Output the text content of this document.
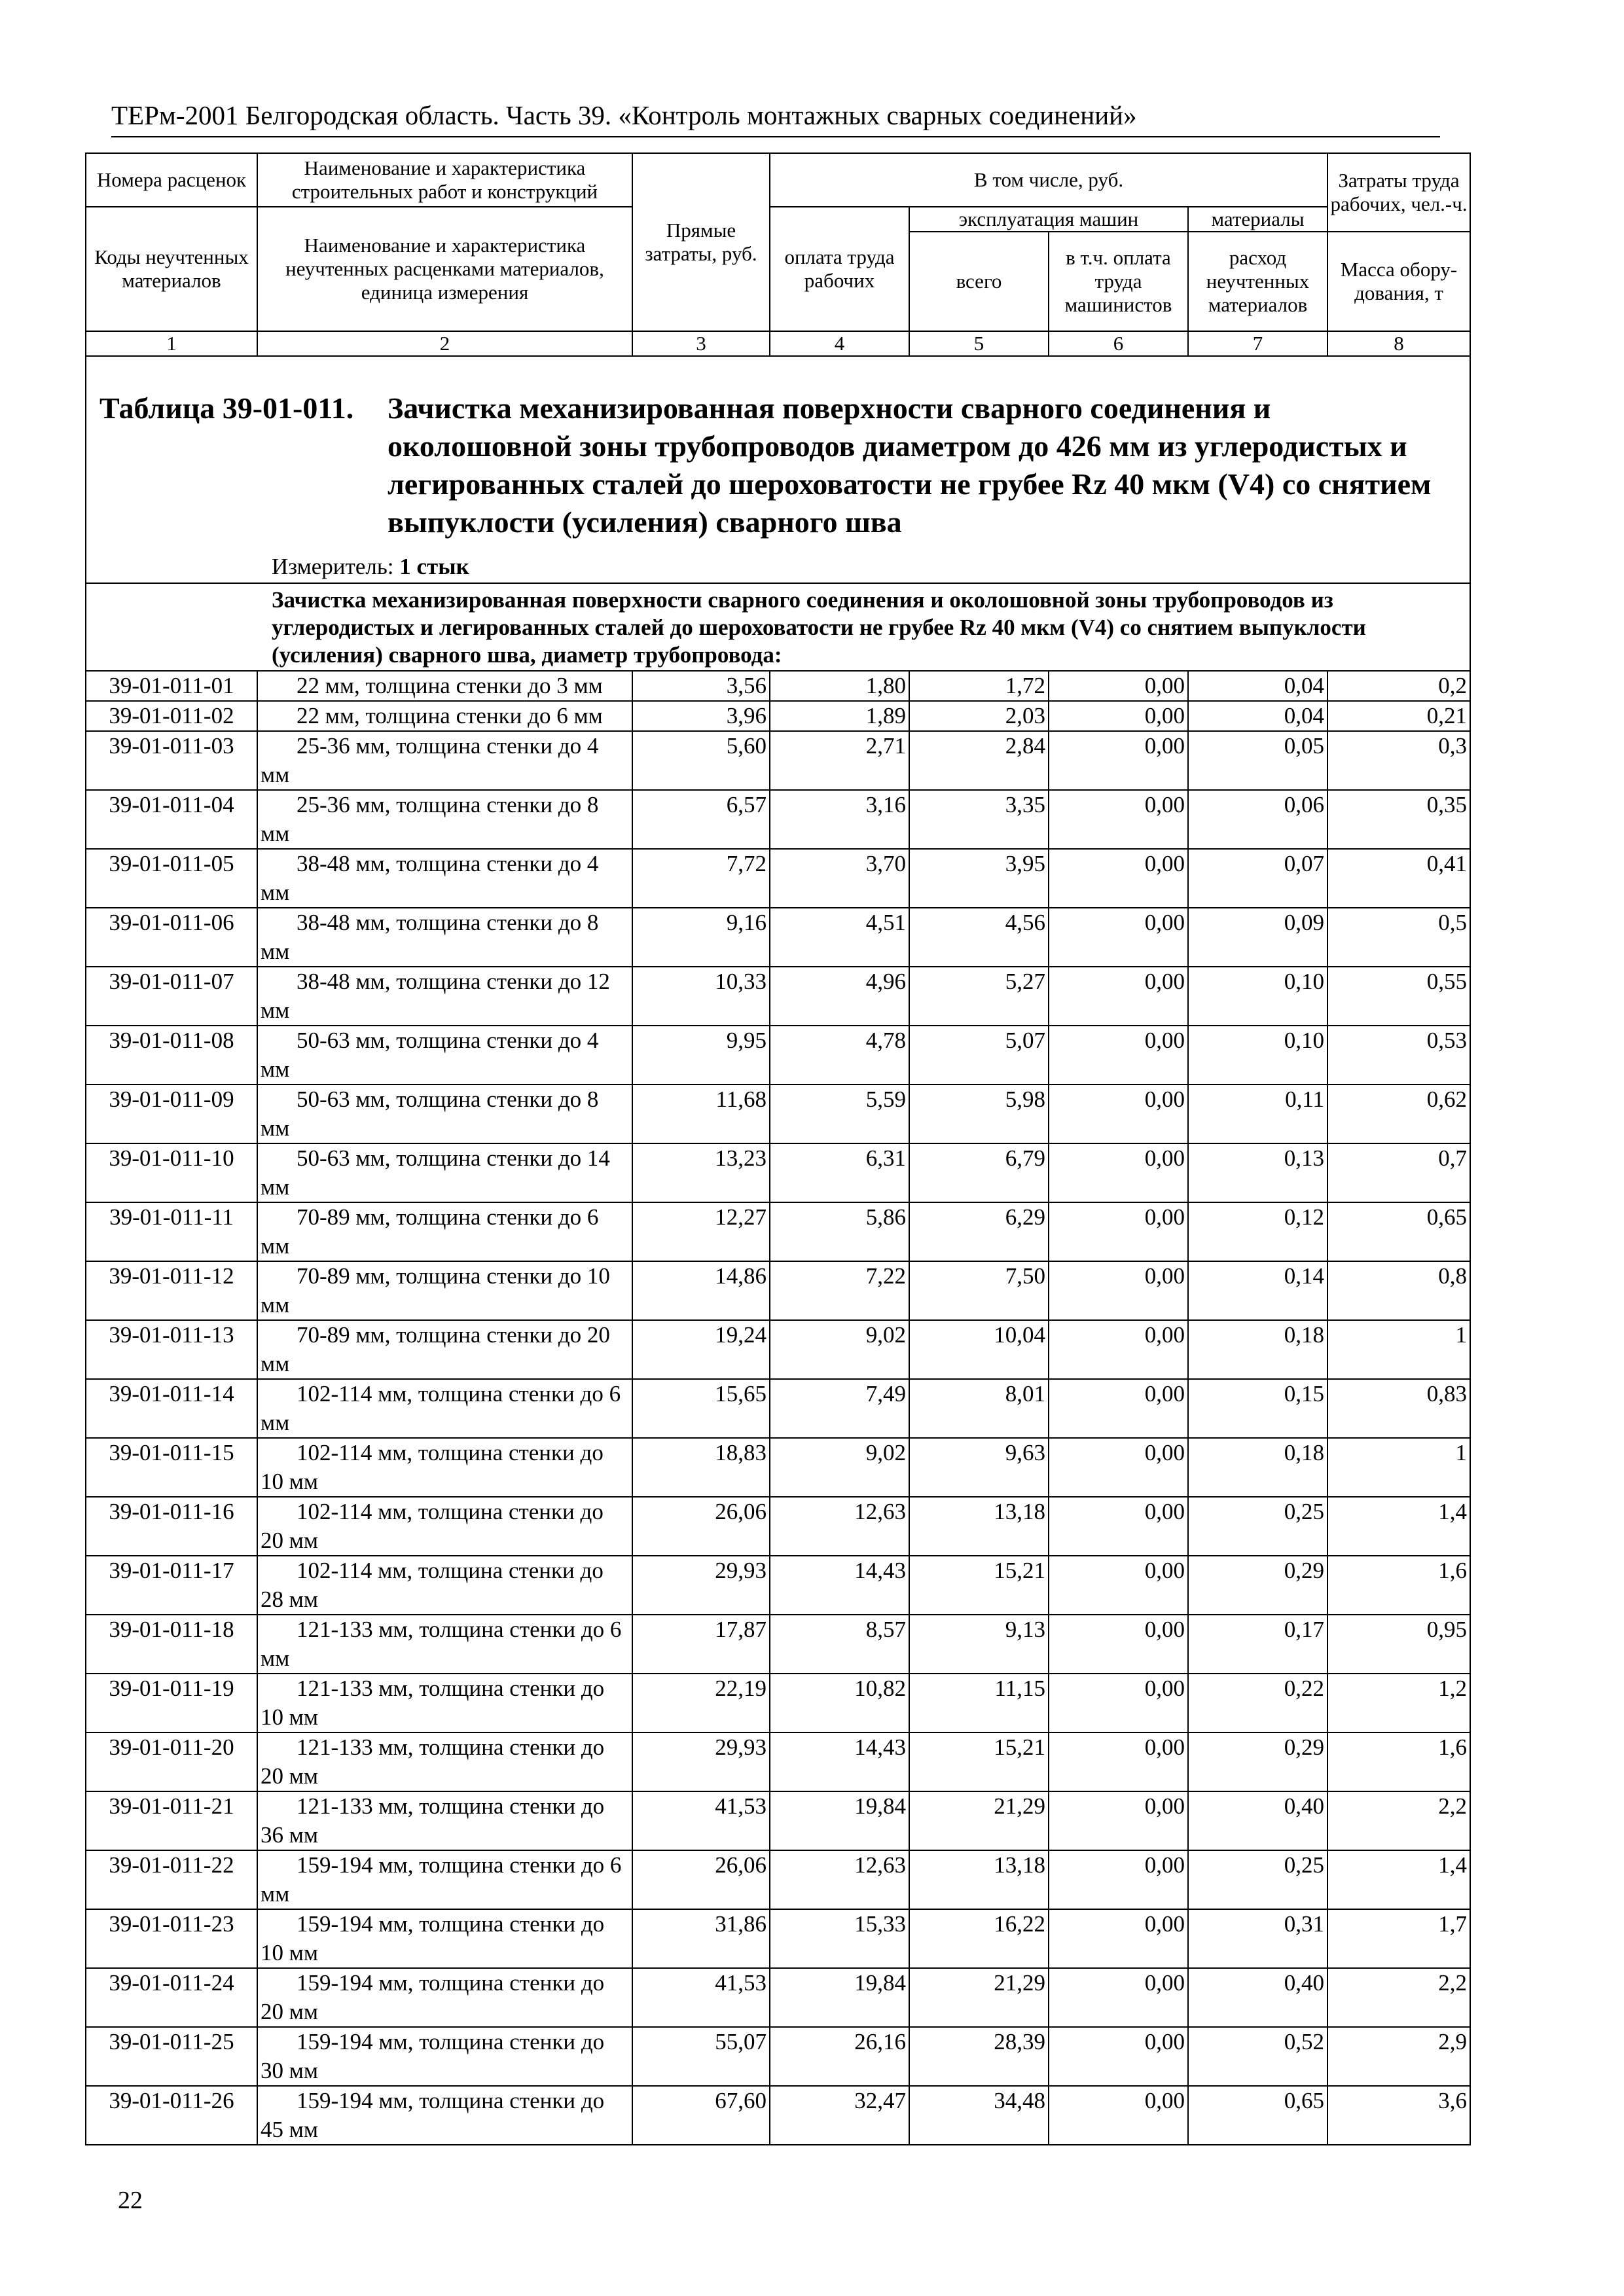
ТЕРм-2001 Белгородская область. Часть 39. «Контроль монтажных сварных соединений»
Номера расценок	Наименование и характеристика строительных работ и конструкций	Прямые затраты, руб.	В том числе, руб.				Затраты труда рабочих, чел.-ч.
Коды неучтенных материалов	Наименование и характеристика неучтенных расценками материалов, единица измерения		оплата труда рабочих	эксплуатация машин		материалы	
				всего	в т.ч. оплата труда машинистов	расход неучтенных материалов	Масса обору-дования, т
1	2	3	4	5	6	7	8

Таблица 39-01-011. Зачистка механизированная поверхности сварного соединения и околошовной зоны трубопроводов диаметром до 426 мм из углеродистых и легированных сталей до шероховатости не грубее Rz 40 мкм (V4) со снятием выпуклости (усиления) сварного шва
Измеритель: 1 стык							

Зачистка механизированная поверхности сварного соединения и околошовной зоны трубопроводов из углеродистых и легированных сталей до шероховатости не грубее Rz 40 мкм (V4) со снятием выпуклости (усиления) сварного шва, диаметр трубопровода:							
39-01-011-01	22 мм, толщина стенки до 3 мм	3,56	1,80	1,72	0,00	0,04	0,2
39-01-011-02	22 мм, толщина стенки до 6 мм	3,96	1,89	2,03	0,00	0,04	0,21
39-01-011-03	25-36 мм, толщина стенки до 4 мм	5,60	2,71	2,84	0,00	0,05	0,3
39-01-011-04	25-36 мм, толщина стенки до 8 мм	6,57	3,16	3,35	0,00	0,06	0,35
39-01-011-05	38-48 мм, толщина стенки до 4 мм	7,72	3,70	3,95	0,00	0,07	0,41
39-01-011-06	38-48 мм, толщина стенки до 8 мм	9,16	4,51	4,56	0,00	0,09	0,5
39-01-011-07	38-48 мм, толщина стенки до 12 мм	10,33	4,96	5,27	0,00	0,10	0,55
39-01-011-08	50-63 мм, толщина стенки до 4 мм	9,95	4,78	5,07	0,00	0,10	0,53
39-01-011-09	50-63 мм, толщина стенки до 8 мм	11,68	5,59	5,98	0,00	0,11	0,62
39-01-011-10	50-63 мм, толщина стенки до 14 мм	13,23	6,31	6,79	0,00	0,13	0,7
39-01-011-11	70-89 мм, толщина стенки до 6 мм	12,27	5,86	6,29	0,00	0,12	0,65
39-01-011-12	70-89 мм, толщина стенки до 10 мм	14,86	7,22	7,50	0,00	0,14	0,8
39-01-011-13	70-89 мм, толщина стенки до 20 мм	19,24	9,02	10,04	0,00	0,18	1
39-01-011-14	102-114 мм, толщина стенки до 6 мм	15,65	7,49	8,01	0,00	0,15	0,83
39-01-011-15	102-114 мм, толщина стенки до 10 мм	18,83	9,02	9,63	0,00	0,18	1
39-01-011-16	102-114 мм, толщина стенки до 20 мм	26,06	12,63	13,18	0,00	0,25	1,4
39-01-011-17	102-114 мм, толщина стенки до 28 мм	29,93	14,43	15,21	0,00	0,29	1,6
39-01-011-18	121-133 мм, толщина стенки до 6 мм	17,87	8,57	9,13	0,00	0,17	0,95
39-01-011-19	121-133 мм, толщина стенки до 10 мм	22,19	10,82	11,15	0,00	0,22	1,2
39-01-011-20	121-133 мм, толщина стенки до 20 мм	29,93	14,43	15,21	0,00	0,29	1,6
39-01-011-21	121-133 мм, толщина стенки до 36 мм	41,53	19,84	21,29	0,00	0,40	2,2
39-01-011-22	159-194 мм, толщина стенки до 6 мм	26,06	12,63	13,18	0,00	0,25	1,4
39-01-011-23	159-194 мм, толщина стенки до 10 мм	31,86	15,33	16,22	0,00	0,31	1,7
39-01-011-24	159-194 мм, толщина стенки до 20 мм	41,53	19,84	21,29	0,00	0,40	2,2
39-01-011-25	159-194 мм, толщина стенки до 30 мм	55,07	26,16	28,39	0,00	0,52	2,9
39-01-011-26	159-194 мм, толщина стенки до 45 мм	67,60	32,47	34,48	0,00	0,65	3,6
22
